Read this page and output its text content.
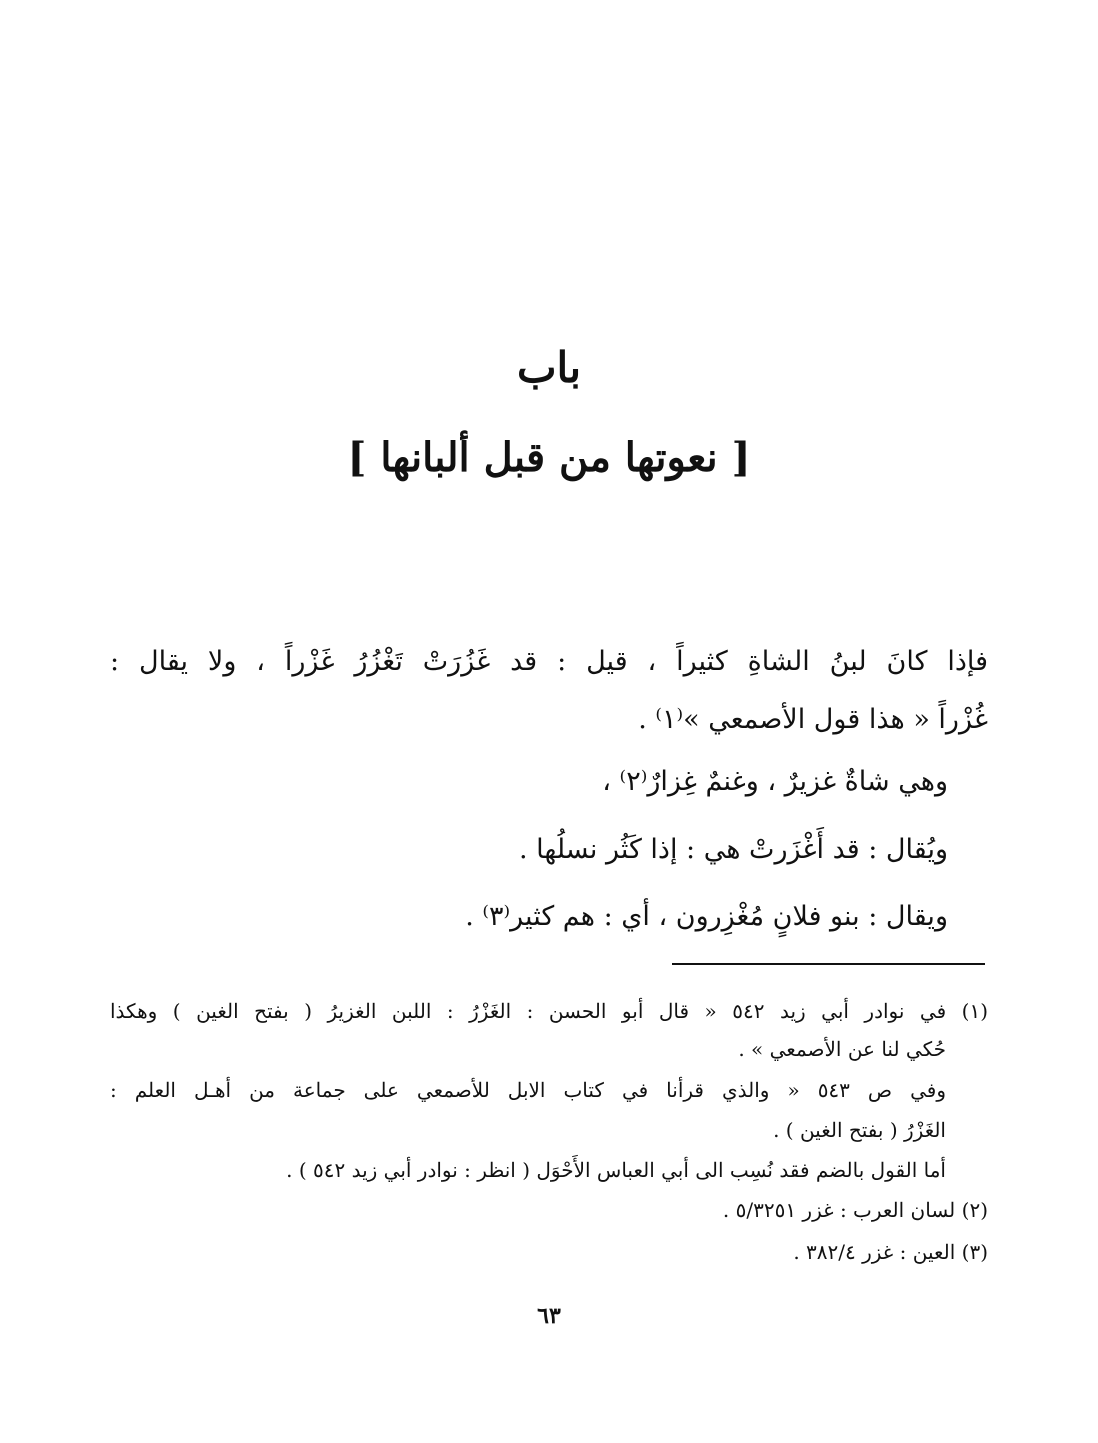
باب
[ نعوتها من قبل ألبانها ]
فإذا كانَ لبنُ الشاةِ كثيراً ، قيل : قد غَزُرَتْ تَغْزُرُ غَزْراً ، ولا يقال :
غُزْراً « هذا قول الأصمعي »⁽١⁾ .
وهي شاةٌ غزيرٌ ، وغنمٌ غِزارٌ⁽٢⁾ ،
ويُقال : قد أَغْزَرتْ هي : إذا كَثُر نسلُها .
ويقال : بنو فلانٍ مُغْزِرون ، أي : هم كثير⁽٣⁾ .
(١) في نوادر أبي زيد ٥٤٢ « قال أبو الحسن : الغَزْرُ : اللبن الغزيرُ ( بفتح الغين ) وهكذا
حُكي لنا عن الأصمعي » .
وفي ص ٥٤٣ « والذي قرأنا في كتاب الابل للأصمعي على جماعة من أهـل العلم :
الغَزْرُ ( بفتح الغين ) .
أما القول بالضم فقد نُسِب الى أبي العباس الأَحْوَل ( انظر : نوادر أبي زيد ٥٤٢ ) .
(٢) لسان العرب : غزر ٥/٣٢٥١ .
(٣) العين : غزر ٣٨٢/٤ .
٦٣
